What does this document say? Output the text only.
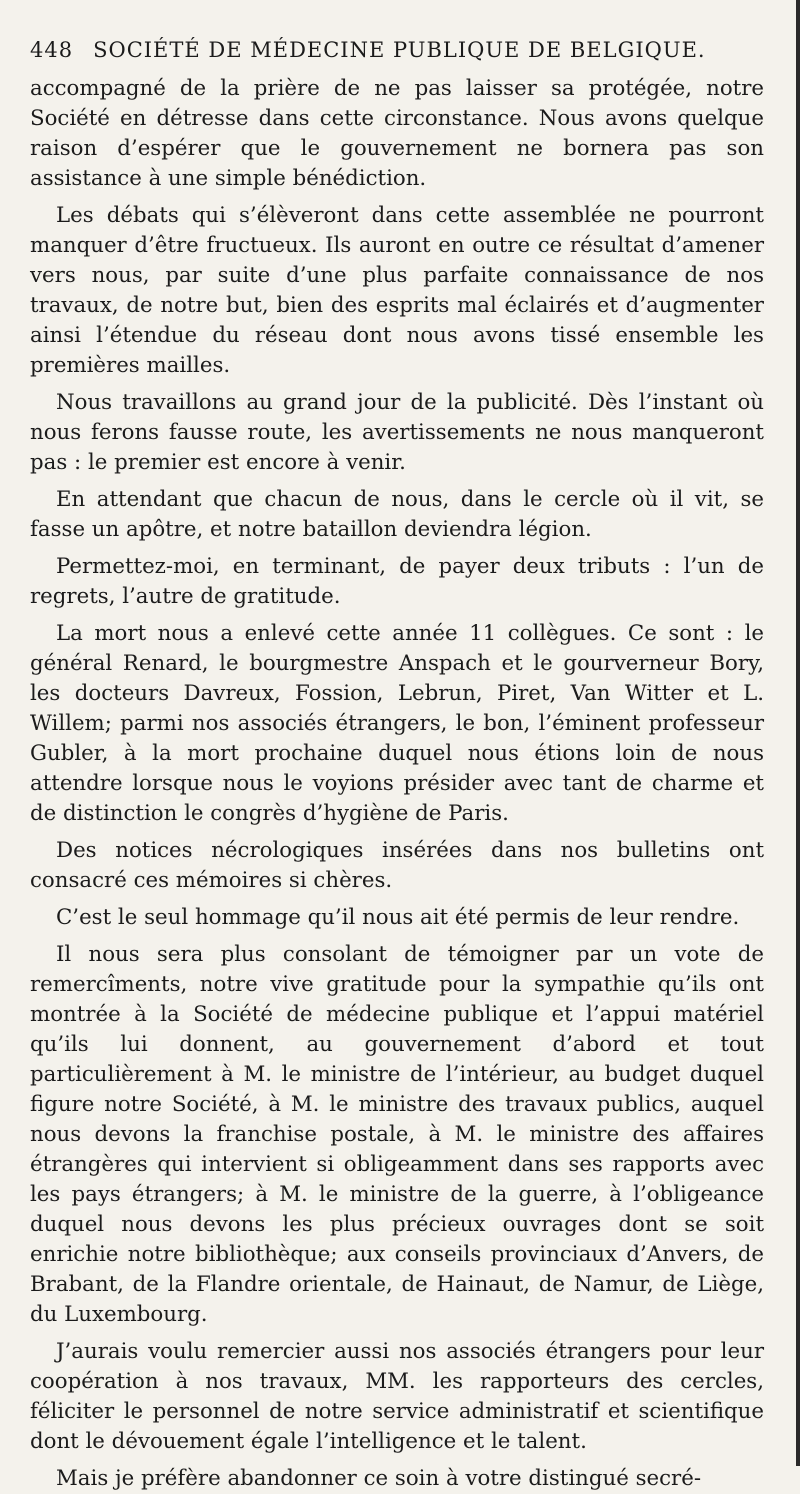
448 SOCIÉTÉ DE MÉDECINE PUBLIQUE DE BELGIQUE.

accompagné de la prière de ne pas laisser sa protégée, notre Société en détresse dans cette circonstance. Nous avons quelque raison d’espérer que le gouvernement ne bornera pas son assistance à une simple bénédiction.

Les débats qui s’élèveront dans cette assemblée ne pourront manquer d’être fructueux. Ils auront en outre ce résultat d’amener vers nous, par suite d’une plus parfaite connaissance de nos travaux, de notre but, bien des esprits mal éclairés et d’augmenter ainsi l’étendue du réseau dont nous avons tissé ensemble les premières mailles.

Nous travaillons au grand jour de la publicité. Dès l’instant où nous ferons fausse route, les avertissements ne nous manqueront pas : le premier est encore à venir.

En attendant que chacun de nous, dans le cercle où il vit, se fasse un apôtre, et notre bataillon deviendra légion.

Permettez-moi, en terminant, de payer deux tributs : l’un de regrets, l’autre de gratitude.

La mort nous a enlevé cette année 11 collègues. Ce sont : le général Renard, le bourgmestre Anspach et le gourverneur Bory, les docteurs Davreux, Fossion, Lebrun, Piret, Van Witter et L. Willem; parmi nos associés étrangers, le bon, l’éminent professeur Gubler, à la mort prochaine duquel nous étions loin de nous attendre lorsque nous le voyions présider avec tant de charme et de distinction le congrès d’hygiène de Paris.

Des notices nécrologiques insérées dans nos bulletins ont consacré ces mémoires si chères.

C’est le seul hommage qu’il nous ait été permis de leur rendre.

Il nous sera plus consolant de témoigner par un vote de remercîments, notre vive gratitude pour la sympathie qu’ils ont montrée à la Société de médecine publique et l’appui matériel qu’ils lui donnent, au gouvernement d’abord et tout particulièrement à M. le ministre de l’intérieur, au budget duquel figure notre Société, à M. le ministre des travaux publics, auquel nous devons la franchise postale, à M. le ministre des affaires étrangères qui intervient si obligeamment dans ses rapports avec les pays étrangers; à M. le ministre de la guerre, à l’obligeance duquel nous devons les plus précieux ouvrages dont se soit enrichie notre bibliothèque; aux conseils provinciaux d’Anvers, de Brabant, de la Flandre orientale, de Hainaut, de Namur, de Liège, du Luxembourg.

J’aurais voulu remercier aussi nos associés étrangers pour leur coopération à nos travaux, MM. les rapporteurs des cercles, féliciter le personnel de notre service administratif et scientifique dont le dévouement égale l’intelligence et le talent.

Mais je préfère abandonner ce soin à votre distingué secré-
